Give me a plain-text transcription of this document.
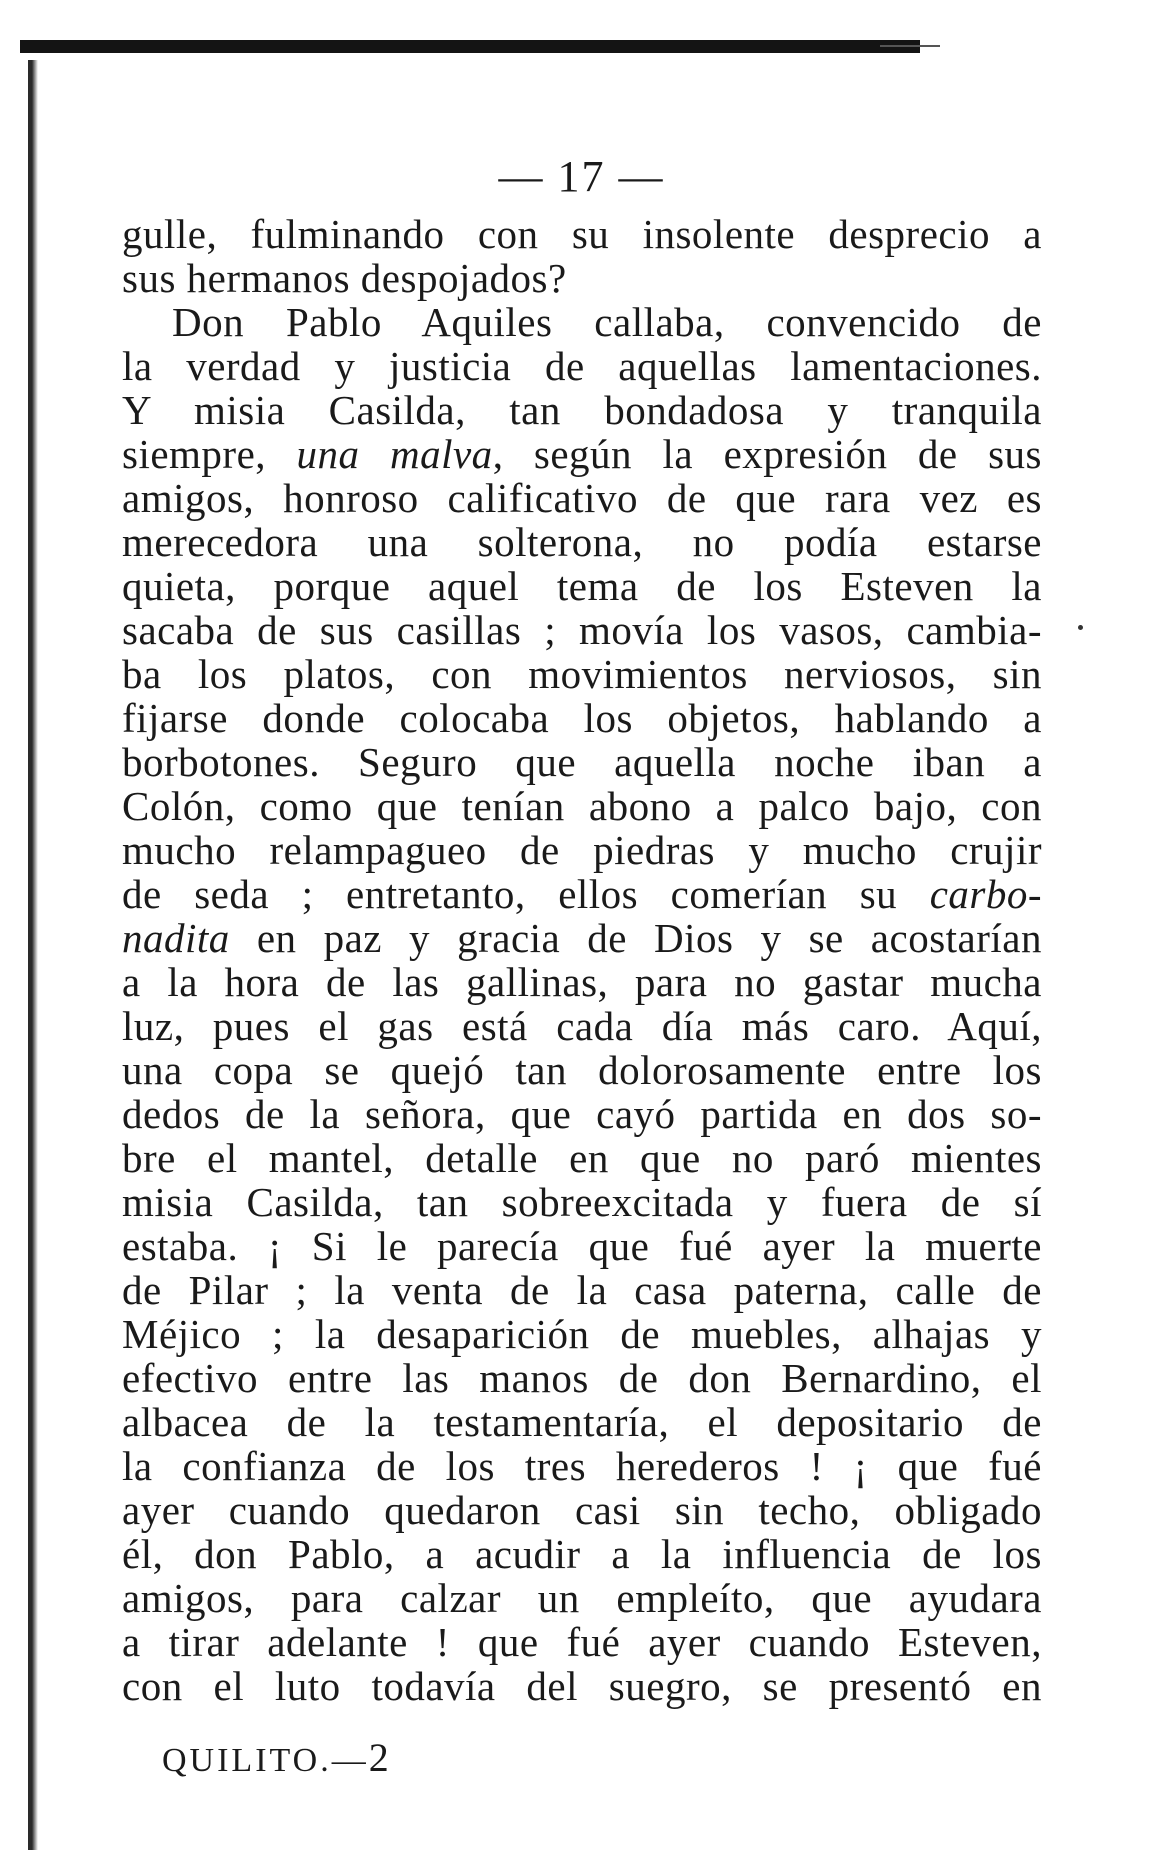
— 17 —
gulle, fulminando con su insolente desprecio a
sus hermanos despojados?
Don Pablo Aquiles callaba, convencido de
la verdad y justicia de aquellas lamentaciones.
Y misia Casilda, tan bondadosa y tranquila
siempre, una malva, según la expresión de sus
amigos, honroso calificativo de que rara vez es
merecedora una solterona, no podía estarse
quieta, porque aquel tema de los Esteven la
sacaba de sus casillas ; movía los vasos, cambia-
ba los platos, con movimientos nerviosos, sin
fijarse donde colocaba los objetos, hablando a
borbotones. Seguro que aquella noche iban a
Colón, como que tenían abono a palco bajo, con
mucho relampagueo de piedras y mucho crujir
de seda ; entretanto, ellos comerían su carbo-
nadita en paz y gracia de Dios y se acostarían
a la hora de las gallinas, para no gastar mucha
luz, pues el gas está cada día más caro. Aquí,
una copa se quejó tan dolorosamente entre los
dedos de la señora, que cayó partida en dos so-
bre el mantel, detalle en que no paró mientes
misia Casilda, tan sobreexcitada y fuera de sí
estaba. ¡ Si le parecía que fué ayer la muerte
de Pilar ; la venta de la casa paterna, calle de
Méjico ; la desaparición de muebles, alhajas y
efectivo entre las manos de don Bernardino, el
albacea de la testamentaría, el depositario de
la confianza de los tres herederos ! ¡ que fué
ayer cuando quedaron casi sin techo, obligado
él, don Pablo, a acudir a la influencia de los
amigos, para calzar un empleíto, que ayudara
a tirar adelante ! que fué ayer cuando Esteven,
con el luto todavía del suegro, se presentó en
QUILITO.—2
